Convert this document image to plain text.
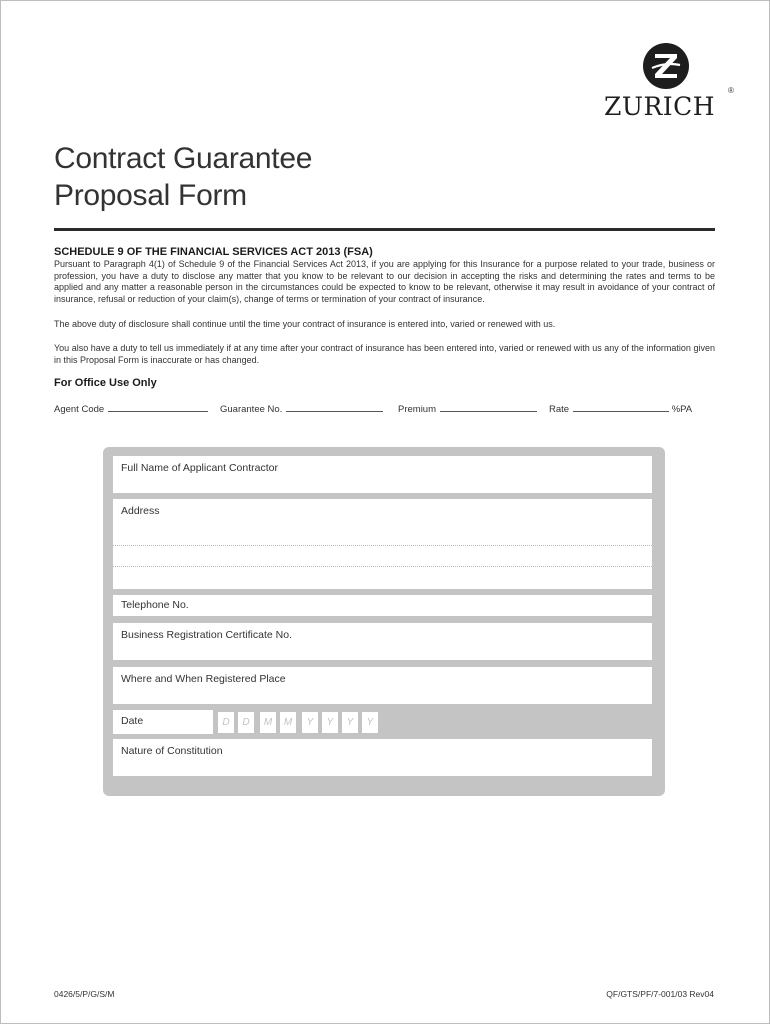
ZURICH
®
Contract Guarantee
Proposal Form
SCHEDULE 9 OF THE FINANCIAL SERVICES ACT 2013 (FSA)
Pursuant to Paragraph 4(1) of Schedule 9 of the Financial Services Act 2013, if you are applying for this Insurance for a purpose related to your trade, business or profession, you have a duty to disclose any matter that you know to be relevant to our decision in accepting the risks and determining the rates and terms to be applied and any matter a reasonable person in the circumstances could be expected to know to be relevant, otherwise it may result in avoidance of your contract of insurance, refusal or reduction of your claim(s), change of terms or termination of your contract of insurance.
The above duty of disclosure shall continue until the time your contract of insurance is entered into, varied or renewed with us.
You also have a duty to tell us immediately if at any time after your contract of insurance has been entered into, varied or renewed with us any of the information given in this Proposal Form is inaccurate or has changed.
For Office Use Only
Agent Code	Guarantee No.	Premium	Rate	%PA
Full Name of Applicant Contractor
Address
Telephone No.
Business Registration Certificate No.
Where and When Registered Place
Date	D	D	M	M	Y	Y	Y	Y
Nature of Constitution
0426/5/P/G/S/M	QF/GTS/PF/7-001/03 Rev04
